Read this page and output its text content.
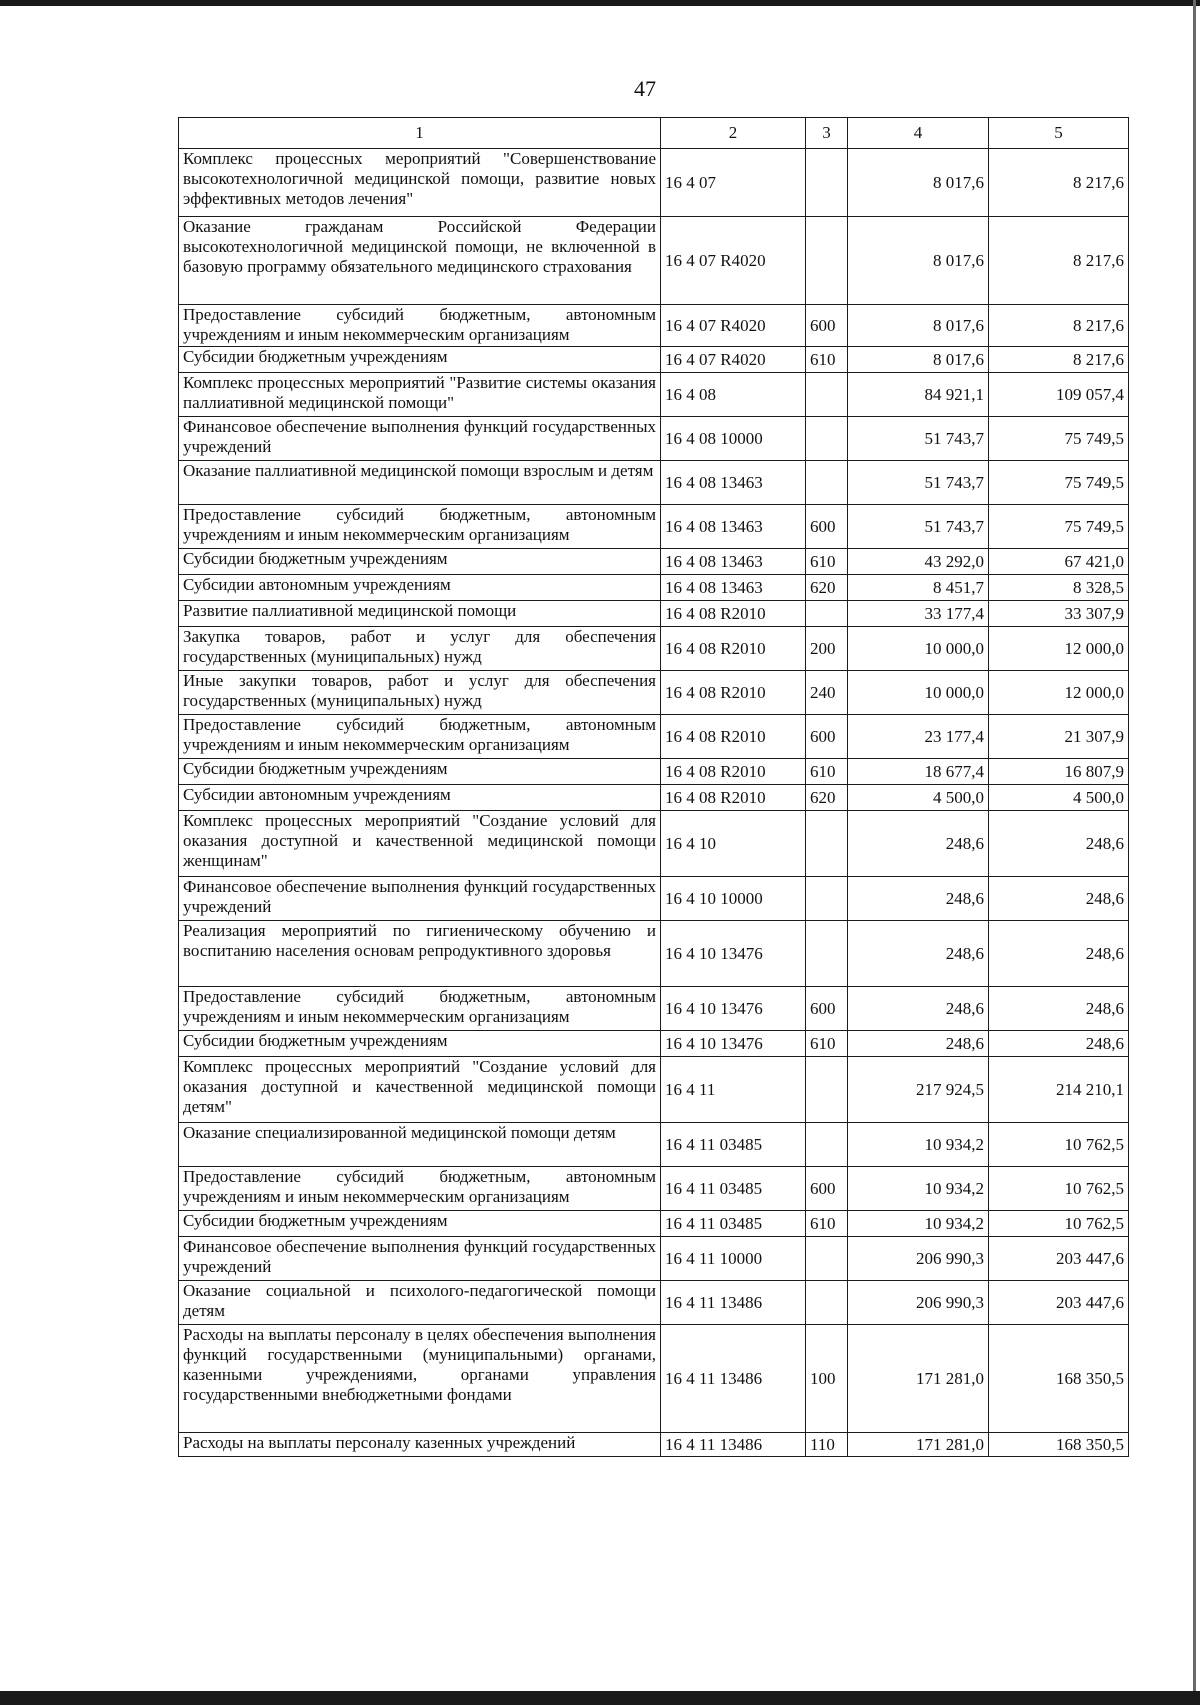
47
1	2	3	4	5
Комплекс процессных мероприятий "Совершенствование высокотехнологичной медицинской помощи, развитие новых эффективных методов лечения"	16 4 07		8 017,6	8 217,6
Оказание гражданам Российской Федерации высокотехнологичной медицинской помощи, не включенной в базовую программу обязательного медицинского страхования	16 4 07 R4020		8 017,6	8 217,6
Предоставление субсидий бюджетным, автономным учреждениям и иным некоммерческим организациям	16 4 07 R4020	600	8 017,6	8 217,6
Субсидии бюджетным учреждениям	16 4 07 R4020	610	8 017,6	8 217,6
Комплекс процессных мероприятий "Развитие системы оказания паллиативной медицинской помощи"	16 4 08		84 921,1	109 057,4
Финансовое обеспечение выполнения функций государственных учреждений	16 4 08 10000		51 743,7	75 749,5
Оказание паллиативной медицинской помощи взрослым и детям	16 4 08 13463		51 743,7	75 749,5
Предоставление субсидий бюджетным, автономным учреждениям и иным некоммерческим организациям	16 4 08 13463	600	51 743,7	75 749,5
Субсидии бюджетным учреждениям	16 4 08 13463	610	43 292,0	67 421,0
Субсидии автономным учреждениям	16 4 08 13463	620	8 451,7	8 328,5
Развитие паллиативной медицинской помощи	16 4 08 R2010		33 177,4	33 307,9
Закупка товаров, работ и услуг для обеспечения государственных (муниципальных) нужд	16 4 08 R2010	200	10 000,0	12 000,0
Иные закупки товаров, работ и услуг для обеспечения государственных (муниципальных) нужд	16 4 08 R2010	240	10 000,0	12 000,0
Предоставление субсидий бюджетным, автономным учреждениям и иным некоммерческим организациям	16 4 08 R2010	600	23 177,4	21 307,9
Субсидии бюджетным учреждениям	16 4 08 R2010	610	18 677,4	16 807,9
Субсидии автономным учреждениям	16 4 08 R2010	620	4 500,0	4 500,0
Комплекс процессных мероприятий "Создание условий для оказания доступной и качественной медицинской помощи женщинам"	16 4 10		248,6	248,6
Финансовое обеспечение выполнения функций государственных учреждений	16 4 10 10000		248,6	248,6
Реализация мероприятий по гигиеническому обучению и воспитанию населения основам репродуктивного здоровья	16 4 10 13476		248,6	248,6
Предоставление субсидий бюджетным, автономным учреждениям и иным некоммерческим организациям	16 4 10 13476	600	248,6	248,6
Субсидии бюджетным учреждениям	16 4 10 13476	610	248,6	248,6
Комплекс процессных мероприятий "Создание условий для оказания доступной и качественной медицинской помощи детям"	16 4 11		217 924,5	214 210,1
Оказание специализированной медицинской помощи детям	16 4 11 03485		10 934,2	10 762,5
Предоставление субсидий бюджетным, автономным учреждениям и иным некоммерческим организациям	16 4 11 03485	600	10 934,2	10 762,5
Субсидии бюджетным учреждениям	16 4 11 03485	610	10 934,2	10 762,5
Финансовое обеспечение выполнения функций государственных учреждений	16 4 11 10000		206 990,3	203 447,6
Оказание социальной и психолого-педагогической помощи детям	16 4 11 13486		206 990,3	203 447,6
Расходы на выплаты персоналу в целях обеспечения выполнения функций государственными (муниципальными) органами, казенными учреждениями, органами управления государственными внебюджетными фондами	16 4 11 13486	100	171 281,0	168 350,5
Расходы на выплаты персоналу казенных учреждений	16 4 11 13486	110	171 281,0	168 350,5
